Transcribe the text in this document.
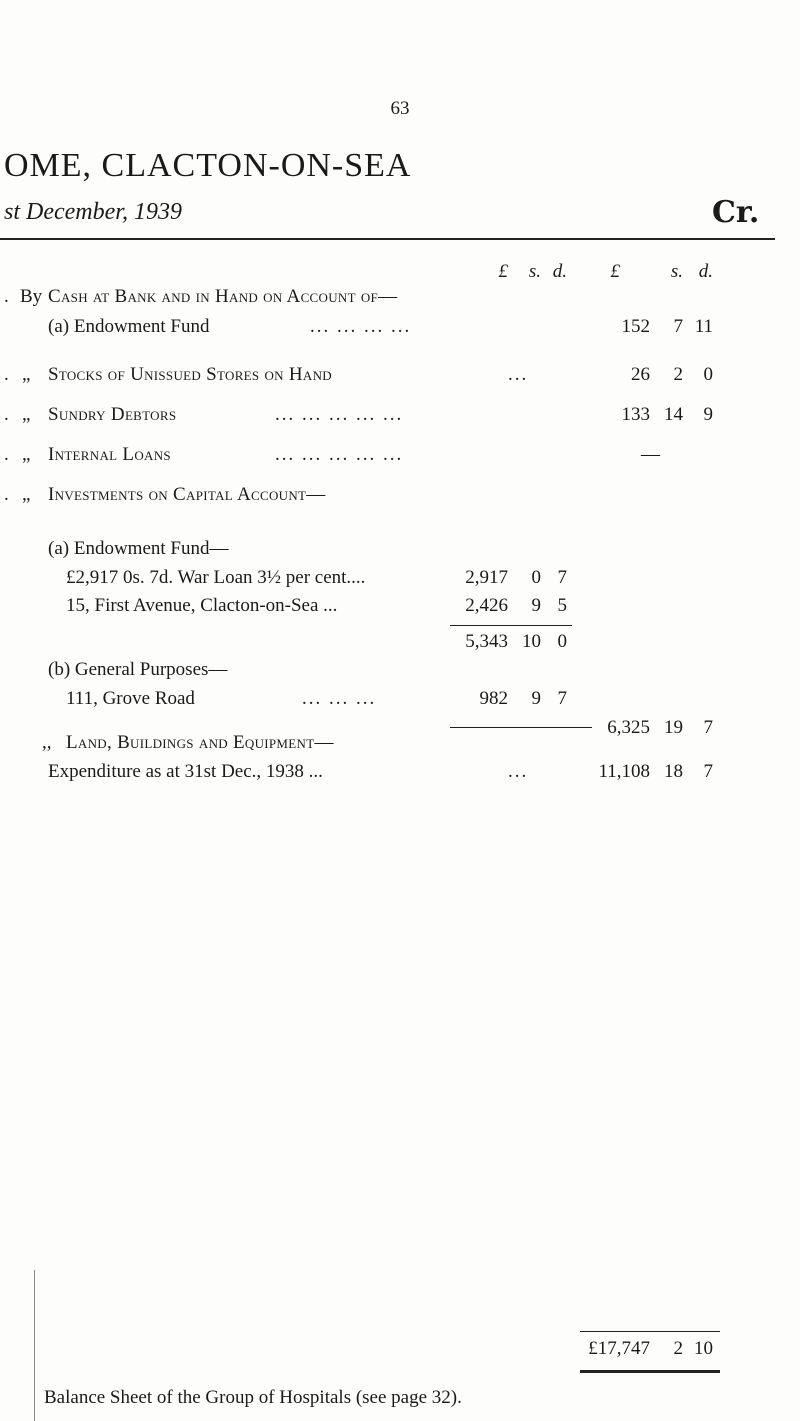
63
OME, CLACTON-ON-SEA
st December, 1939	Cr.
£	s. d.	£	s. d.
. By Cash at Bank and in Hand on Account of—
(a) Endowment Fund	... ... ... ...	152	7 11
. „ Stocks of Unissued Stores on Hand	...	26	2	0
. „ Sundry Debtors	... ... ... ... ...	133 14	9
. „ Internal Loans	... ... ... ... ...	—
. „ Investments on Capital Account—
(a) Endowment Fund—
£2,917 0s. 7d. War Loan 3½ per cent....	2,917	0 7
15, First Avenue, Clacton-on-Sea ...	2,426	9 5
5,343 10 0
(b) General Purposes—
111, Grove Road	... ... ...	982	9 7
6,325 19	7
,, Land, Buildings and Equipment—
Expenditure as at 31st Dec., 1938 ...	...	11,108 18	7
£17,747	2 10
Balance Sheet of the Group of Hospitals (see page 32).
